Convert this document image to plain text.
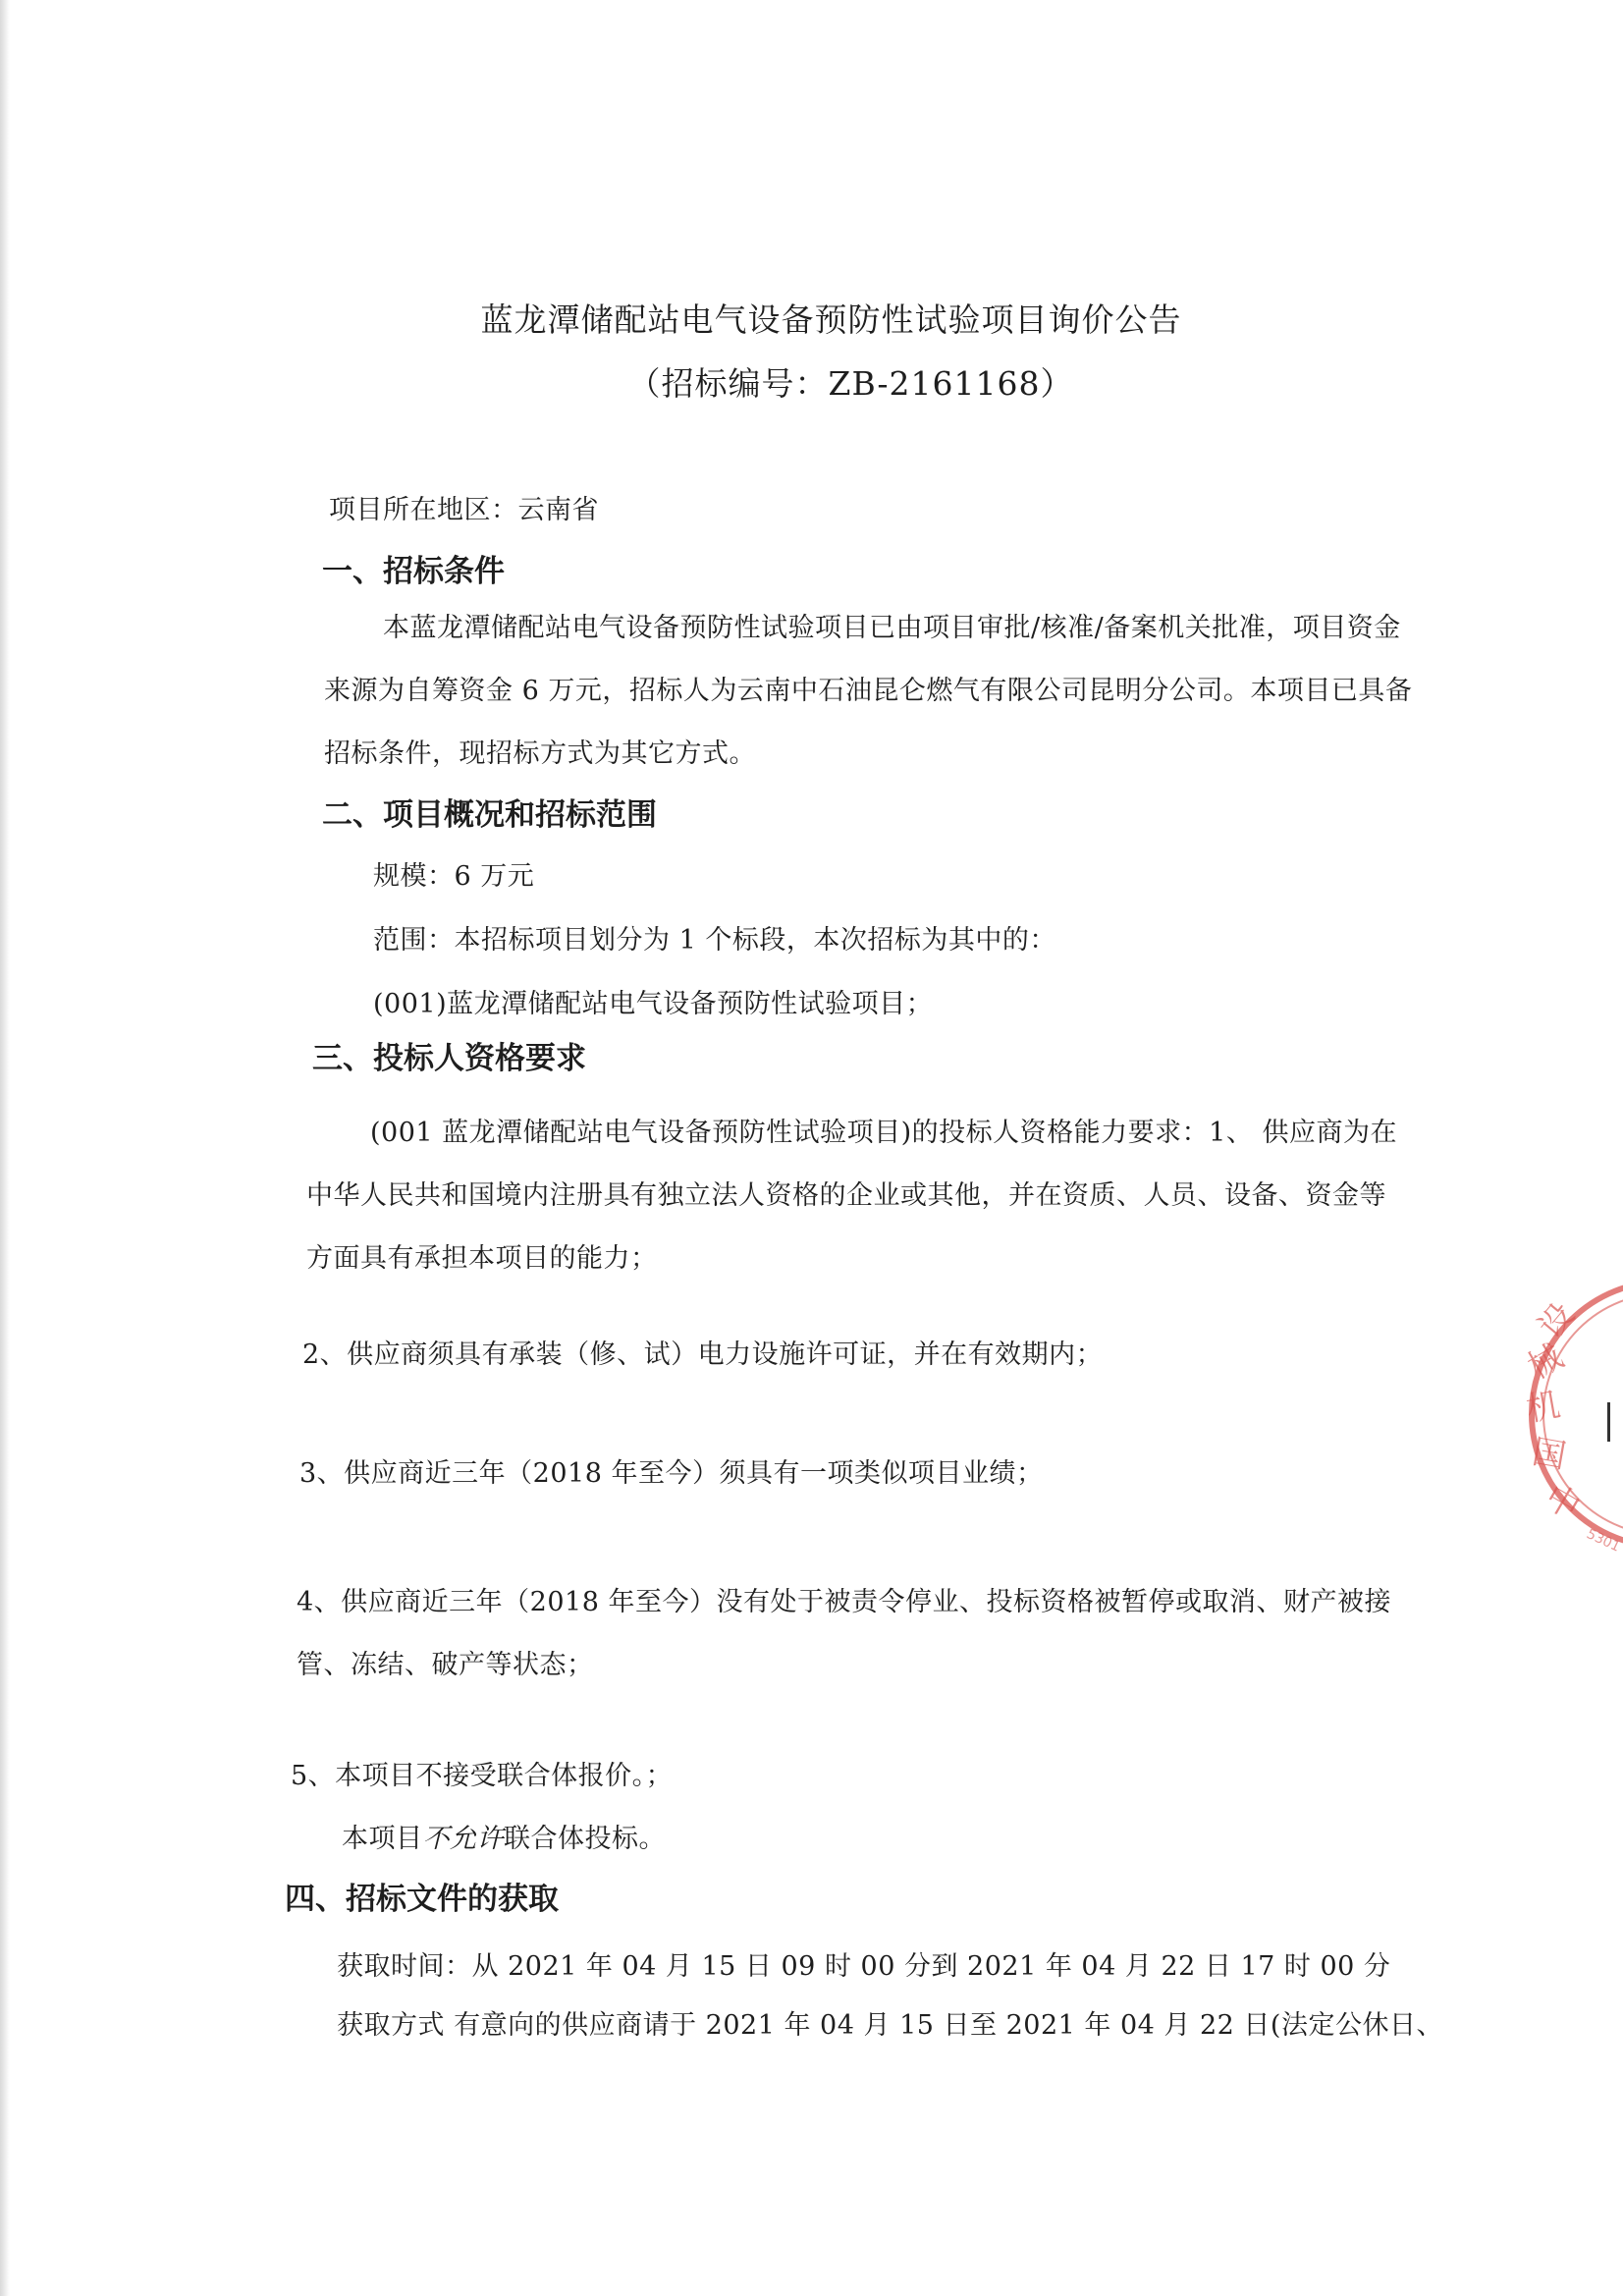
蓝龙潭储配站电气设备预防性试验项目询价公告
（招标编号：ZB-2161168）
项目所在地区：云南省
一、招标条件
本蓝龙潭储配站电气设备预防性试验项目已由项目审批/核准/备案机关批准，项目资金
来源为自筹资金 6 万元，招标人为云南中石油昆仑燃气有限公司昆明分公司。本项目已具备
招标条件，现招标方式为其它方式。
二、项目概况和招标范围
规模：6 万元
范围：本招标项目划分为 1 个标段，本次招标为其中的：
(001)蓝龙潭储配站电气设备预防性试验项目；
三、投标人资格要求
(001 蓝龙潭储配站电气设备预防性试验项目)的投标人资格能力要求：1、 供应商为在
中华人民共和国境内注册具有独立法人资格的企业或其他，并在资质、人员、设备、资金等
方面具有承担本项目的能力；
2、供应商须具有承装（修、试）电力设施许可证，并在有效期内；
3、供应商近三年（2018 年至今）须具有一项类似项目业绩；
4、供应商近三年（2018 年至今）没有处于被责令停业、投标资格被暂停或取消、财产被接
管、冻结、破产等状态；
5、本项目不接受联合体报价。；
本项目不允许联合体投标。
四、招标文件的获取
获取时间：从 2021 年 04 月 15 日 09 时 00 分到 2021 年 04 月 22 日 17 时 00 分
获取方式 有意向的供应商请于 2021 年 04 月 15 日至 2021 年 04 月 22 日(法定公休日、
设
械
机
国
中
5301
